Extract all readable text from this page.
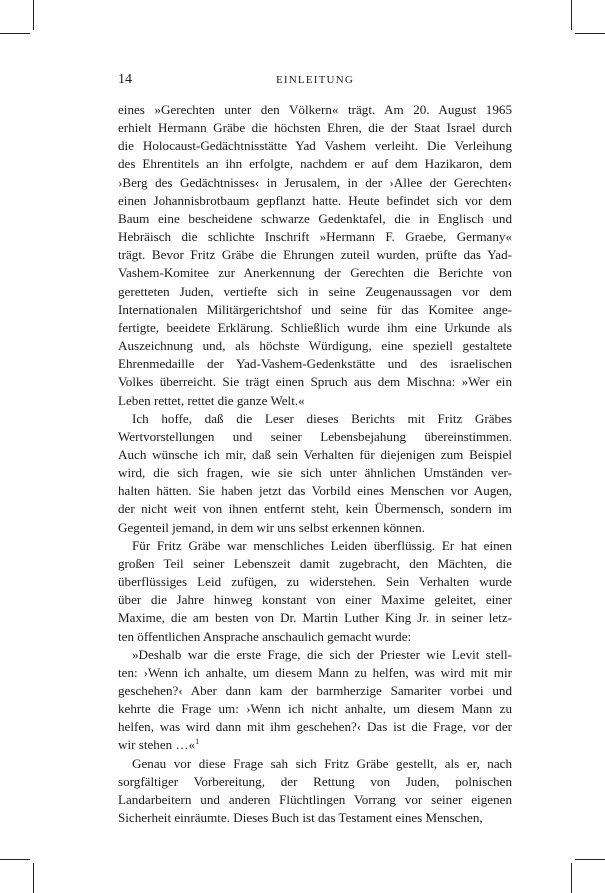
14	EINLEITUNG

eines »Gerechten unter den Völkern« trägt. Am 20. August 1965

erhielt Hermann Gräbe die höchsten Ehren, die der Staat Israel durch

die Holocaust-Gedächtnisstätte Yad Vashem verleiht. Die Verleihung

des Ehrentitels an ihn erfolgte, nachdem er auf dem Hazikaron, dem

›Berg des Gedächtnisses‹ in Jerusalem, in der ›Allee der Gerechten‹

einen Johannisbrotbaum gepflanzt hatte. Heute befindet sich vor dem

Baum eine bescheidene schwarze Gedenktafel, die in Englisch und

Hebräisch die schlichte Inschrift »Hermann F. Graebe, Germany«

trägt. Bevor Fritz Gräbe die Ehrungen zuteil wurden, prüfte das Yad-

Vashem-Komitee zur Anerkennung der Gerechten die Berichte von

geretteten Juden, vertiefte sich in seine Zeugenaussagen vor dem

Internationalen Militärgerichtshof und seine für das Komitee ange-

fertigte, beeidete Erklärung. Schließlich wurde ihm eine Urkunde als

Auszeichnung und, als höchste Würdigung, eine speziell gestaltete

Ehrenmedaille der Yad-Vashem-Gedenkstätte und des israelischen

Volkes überreicht. Sie trägt einen Spruch aus dem Mischna: »Wer ein

Leben rettet, rettet die ganze Welt.«

Ich hoffe, daß die Leser dieses Berichts mit Fritz Gräbes

Wertvorstellungen und seiner Lebensbejahung übereinstimmen.

Auch wünsche ich mir, daß sein Verhalten für diejenigen zum Beispiel

wird, die sich fragen, wie sie sich unter ähnlichen Umständen ver-

halten hätten. Sie haben jetzt das Vorbild eines Menschen vor Augen,

der nicht weit von ihnen entfernt steht, kein Übermensch, sondern im

Gegenteil jemand, in dem wir uns selbst erkennen können.

Für Fritz Gräbe war menschliches Leiden überflüssig. Er hat einen

großen Teil seiner Lebenszeit damit zugebracht, den Mächten, die

überflüssiges Leid zufügen, zu widerstehen. Sein Verhalten wurde

über die Jahre hinweg konstant von einer Maxime geleitet, einer

Maxime, die am besten von Dr. Martin Luther King Jr. in seiner letz-

ten öffentlichen Ansprache anschaulich gemacht wurde:

»Deshalb war die erste Frage, die sich der Priester wie Levit stell-

ten: ›Wenn ich anhalte, um diesem Mann zu helfen, was wird mit mir

geschehen?‹ Aber dann kam der barmherzige Samariter vorbei und

kehrte die Frage um: ›Wenn ich nicht anhalte, um diesem Mann zu

helfen, was wird dann mit ihm geschehen?‹ Das ist die Frage, vor der

wir stehen …«$^1$

Genau vor diese Frage sah sich Fritz Gräbe gestellt, als er, nach

sorgfältiger Vorbereitung, der Rettung von Juden, polnischen

Landarbeitern und anderen Flüchtlingen Vorrang vor seiner eigenen

Sicherheit einräumte. Dieses Buch ist das Testament eines Menschen,
